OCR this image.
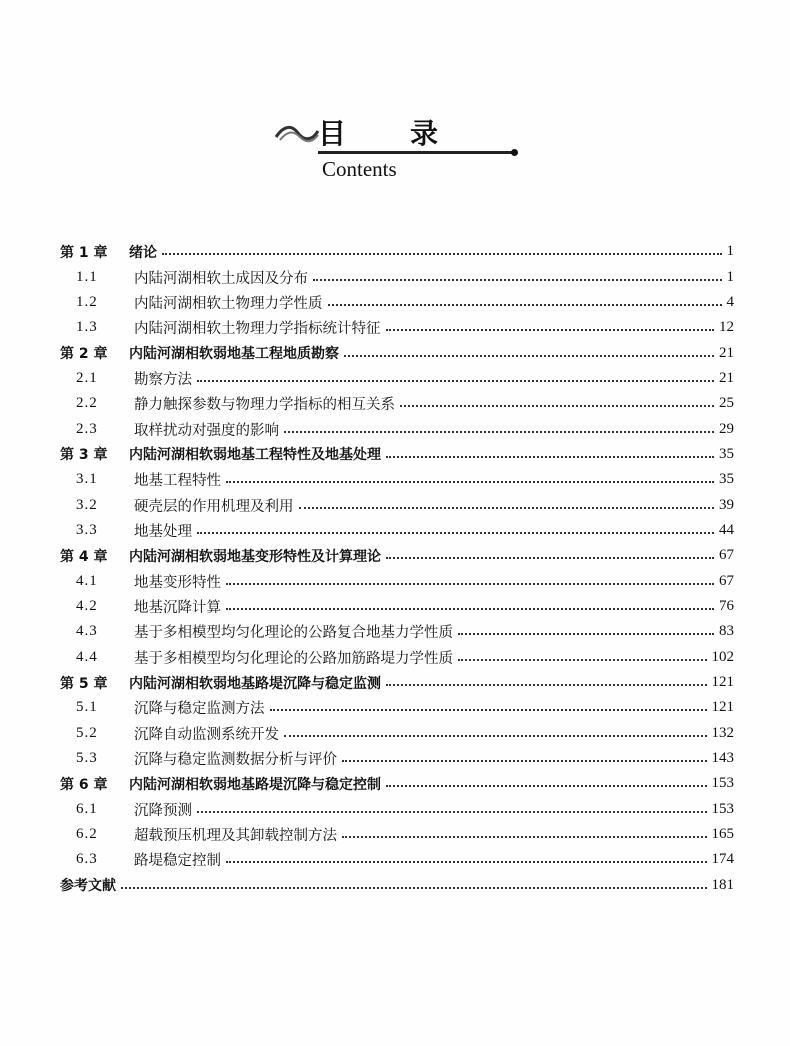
目 录
Contents
第 1 章	绪论	1
1.1	内陆河湖相软土成因及分布	1
1.2	内陆河湖相软土物理力学性质	4
1.3	内陆河湖相软土物理力学指标统计特征	12
第 2 章	内陆河湖相软弱地基工程地质勘察	21
2.1	勘察方法	21
2.2	静力触探参数与物理力学指标的相互关系	25
2.3	取样扰动对强度的影响	29
第 3 章	内陆河湖相软弱地基工程特性及地基处理	35
3.1	地基工程特性	35
3.2	硬壳层的作用机理及利用	39
3.3	地基处理	44
第 4 章	内陆河湖相软弱地基变形特性及计算理论	67
4.1	地基变形特性	67
4.2	地基沉降计算	76
4.3	基于多相模型均匀化理论的公路复合地基力学性质	83
4.4	基于多相模型均匀化理论的公路加筋路堤力学性质	102
第 5 章	内陆河湖相软弱地基路堤沉降与稳定监测	121
5.1	沉降与稳定监测方法	121
5.2	沉降自动监测系统开发	132
5.3	沉降与稳定监测数据分析与评价	143
第 6 章	内陆河湖相软弱地基路堤沉降与稳定控制	153
6.1	沉降预测	153
6.2	超载预压机理及其卸载控制方法	165
6.3	路堤稳定控制	174
参考文献	181
